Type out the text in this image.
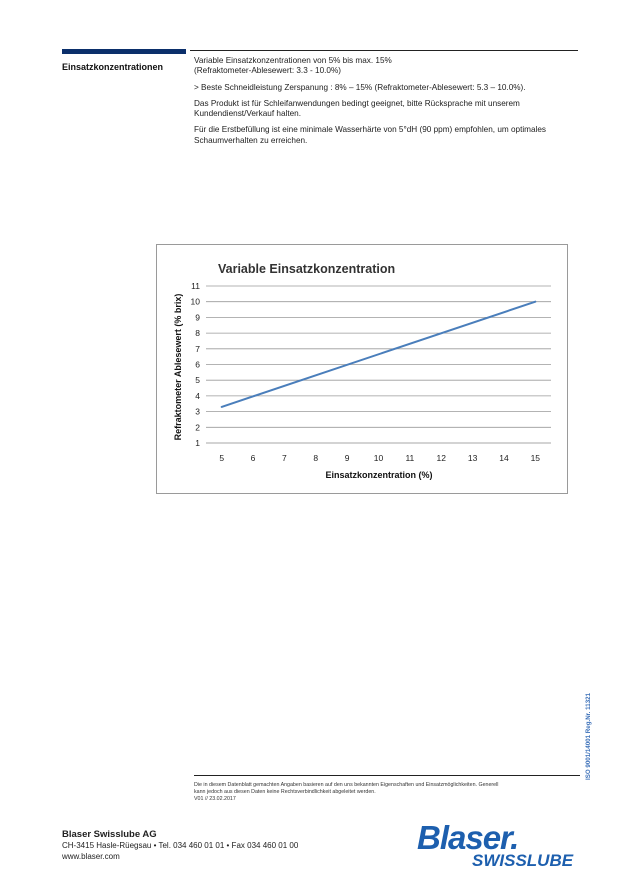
Einsatzkonzentrationen

Variable Einsatzkonzentrationen von 5% bis max. 15%
(Refraktometer-Ablesewert: 3.3 - 10.0%)

> Beste Schneidleistung Zerspanung : 8% – 15% (Refraktometer-Ablesewert: 5.3 – 10.0%).

Das Produkt ist für Schleifanwendungen bedingt geeignet, bitte Rücksprache mit unserem Kundendienst/Verkauf halten.

Für die Erstbefüllung ist eine minimale Wasserhärte von 5°dH (90 ppm) empfohlen, um optimales Schaumverhalten zu erreichen.

Variable Einsatzkonzentration
1
2
3
4
5
6
7
8
9
10
11
5	6	7	8	9	10	11	12	13	14	15
Einsatzkonzentration (%)
Refraktometer Ablesewert (% brix)
Die in diesem Datenblatt gemachten Angaben basieren auf den uns bekannten Eigenschaften und Einsatzmöglichkeiten. Generell
kann jedoch aus diesen Daten keine Rechtsverbindlichkeit abgeleitet werden.
V01 // 23.02.2017
Blaser Swisslube AG
CH-3415 Hasle-Rüegsau • Tel. 034 460 01 01 • Fax 034 460 01 00
www.blaser.com
ISO 9001/14001 Reg.Nr. 11321
Blaser.
SWISSLUBE
